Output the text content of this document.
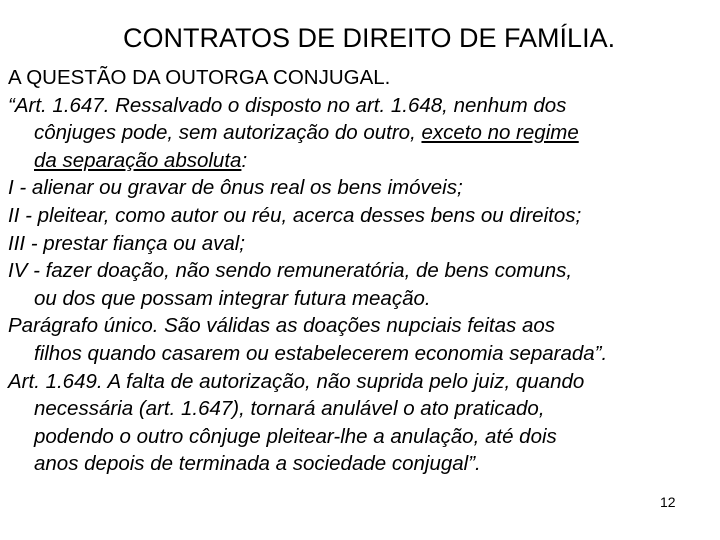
CONTRATOS DE DIREITO DE FAMÍLIA.
A QUESTÃO DA OUTORGA CONJUGAL.
“Art. 1.647. Ressalvado o disposto no art. 1.648, nenhum dos
cônjuges pode, sem autorização do outro, exceto no regime
da separação absoluta:
I - alienar ou gravar de ônus real os bens imóveis;
II - pleitear, como autor ou réu, acerca desses bens ou direitos;
III - prestar fiança ou aval;
IV - fazer doação, não sendo remuneratória, de bens comuns,
ou dos que possam integrar futura meação.
Parágrafo único. São válidas as doações nupciais feitas aos
filhos quando casarem ou estabelecerem economia separada”.
Art. 1.649. A falta de autorização, não suprida pelo juiz, quando
necessária (art. 1.647), tornará anulável o ato praticado,
podendo o outro cônjuge pleitear-lhe a anulação, até dois
anos depois de terminada a sociedade conjugal”.
12
